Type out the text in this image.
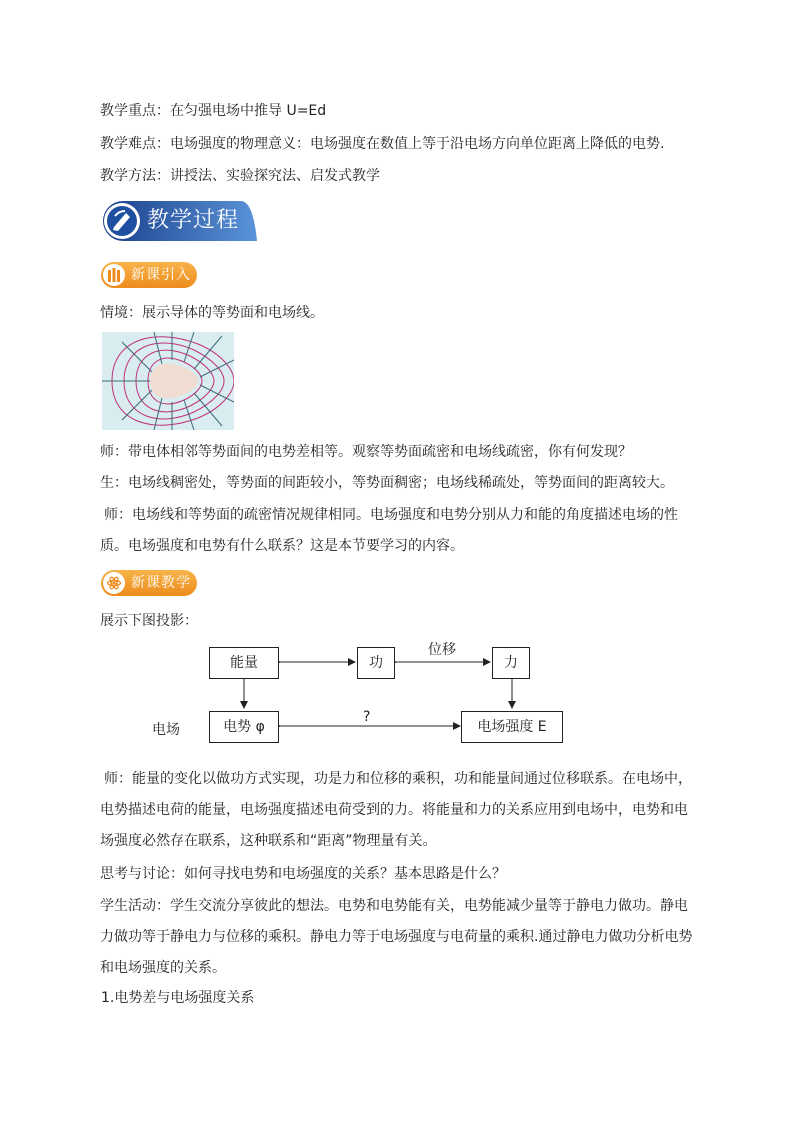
教学重点：在匀强电场中推导 U=Ed
教学难点：电场强度的物理意义：电场强度在数值上等于沿电场方向单位距离上降低的电势.
教学方法：讲授法、实验探究法、启发式教学
教学过程
新课引入
情境：展示导体的等势面和电场线。
师：带电体相邻等势面间的电势差相等。观察等势面疏密和电场线疏密，你有何发现？
生：电场线稠密处，等势面的间距较小，等势面稠密；电场线稀疏处，等势面间的距离较大。
师：电场线和等势面的疏密情况规律相同。电场强度和电势分别从力和能的角度描述电场的性质。电场强度和电势有什么联系？这是本节要学习的内容。
新课教学
展示下图投影：
能量	功	力
位移
电势 φ	电场强度 E
?
电场
师：能量的变化以做功方式实现，功是力和位移的乘积，功和能量间通过位移联系。在电场中，电势描述电荷的能量，电场强度描述电荷受到的力。将能量和力的关系应用到电场中，电势和电场强度必然存在联系，这种联系和“距离”物理量有关。
思考与讨论：如何寻找电势和电场强度的关系？基本思路是什么？
学生活动：学生交流分享彼此的想法。电势和电势能有关，电势能减少量等于静电力做功。静电力做功等于静电力与位移的乘积。静电力等于电场强度与电荷量的乘积.通过静电力做功分析电势和电场强度的关系。
1.电势差与电场强度关系
